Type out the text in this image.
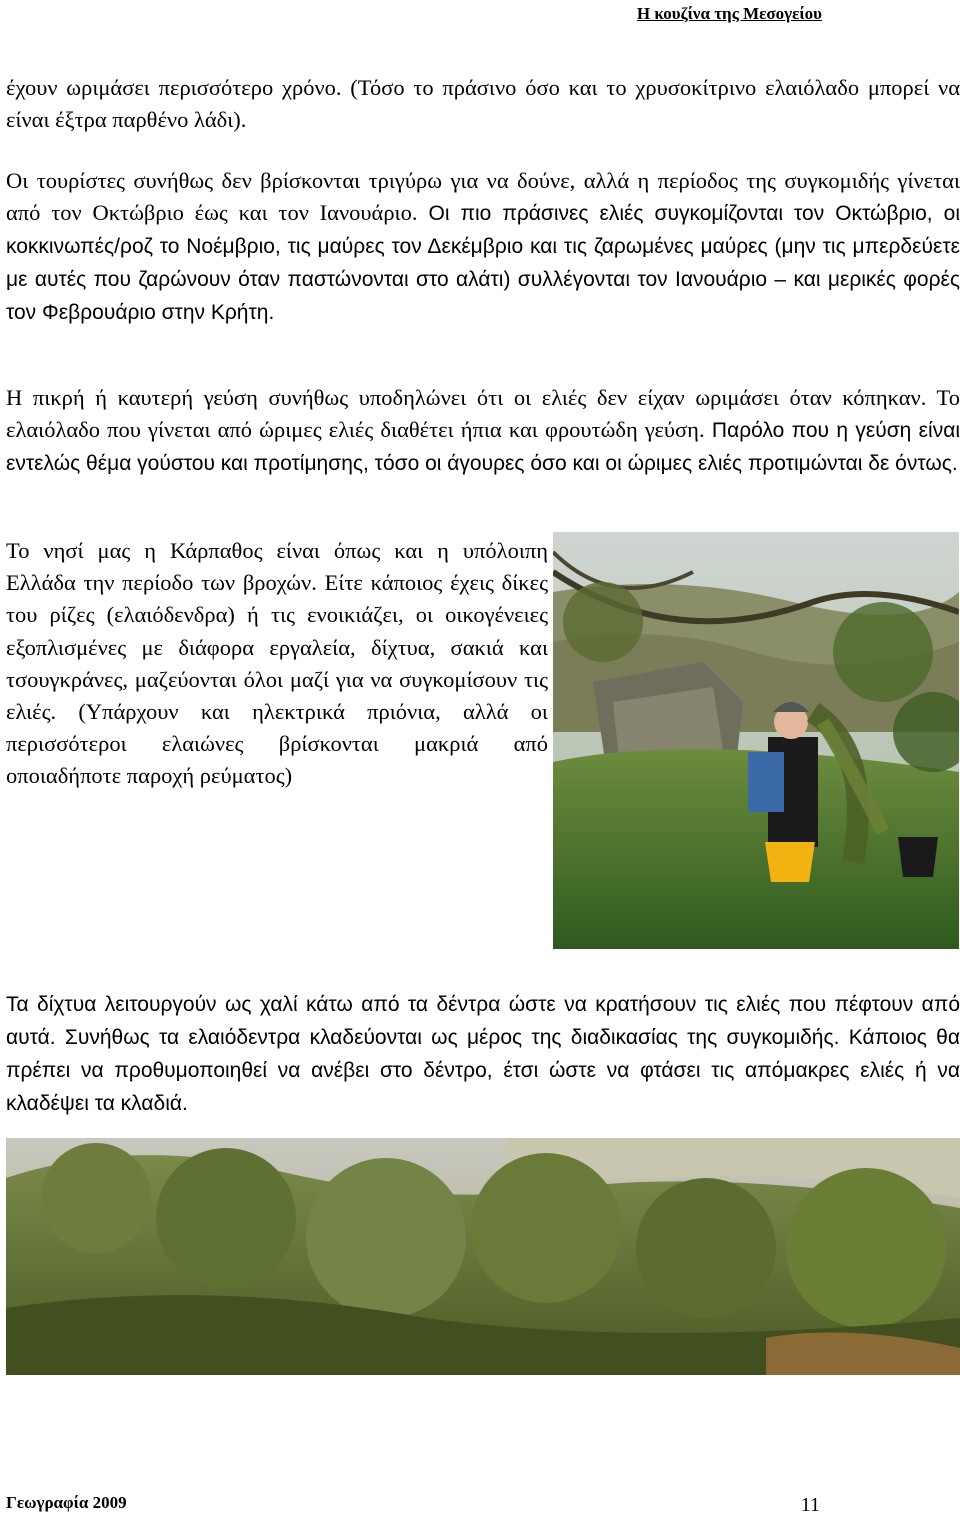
Η κουζίνα της Μεσογείου

έχουν ωριμάσει περισσότερο χρόνο. (Τόσο το πράσινο όσο και το χρυσοκίτρινο ελαιόλαδο μπορεί να είναι έξτρα παρθένο λάδι).

Οι τουρίστες συνήθως δεν βρίσκονται τριγύρω για να δούνε, αλλά η περίοδος της συγκομιδής γίνεται από τον Οκτώβριο έως και τον Ιανουάριο. Οι πιο πράσινες ελιές συγκομίζονται τον Οκτώβριο, οι κοκκινωπές/ροζ το Νοέμβριο, τις μαύρες τον Δεκέμβριο και τις ζαρωμένες μαύρες (μην τις μπερδεύετε με αυτές που ζαρώνουν όταν παστώνονται στο αλάτι) συλλέγονται τον Ιανουάριο – και μερικές φορές τον Φεβρουάριο στην Κρήτη.

Η πικρή ή καυτερή γεύση συνήθως υποδηλώνει ότι οι ελιές δεν είχαν ωριμάσει όταν κόπηκαν. Το ελαιόλαδο που γίνεται από ώριμες ελιές διαθέτει ήπια και φρουτώδη γεύση. Παρόλο που η γεύση είναι εντελώς θέμα γούστου και προτίμησης, τόσο οι άγουρες όσο και οι ώριμες ελιές προτιμώνται δε όντως.

Το νησί μας η Κάρπαθος είναι όπως και η υπόλοιπη Ελλάδα την περίοδο των βροχών. Είτε κάποιος έχεις δίκες του ρίζες (ελαιόδενδρα) ή τις ενοικιάζει, οι οικογένειες εξοπλισμένες με διάφορα εργαλεία, δίχτυα, σακιά και τσουγκράνες, μαζεύονται όλοι μαζί για να συγκομίσουν τις ελιές. (Υπάρχουν και ηλεκτρικά πριόνια, αλλά οι περισσότεροι ελαιώνες βρίσκονται μακριά από οποιαδήποτε παροχή ρεύματος)

Τα δίχτυα λειτουργούν ως χαλί κάτω από τα δέντρα ώστε να κρατήσουν τις ελιές που πέφτουν από αυτά. Συνήθως τα ελαιόδεντρα κλαδεύονται ως μέρος της διαδικασίας της συγκομιδής. Κάποιος θα πρέπει να προθυμοποιηθεί να ανέβει στο δέντρο, έτσι ώστε να φτάσει τις απόμακρες ελιές ή να κλαδέψει τα κλαδιά.

Γεωγραφία 2009	11
